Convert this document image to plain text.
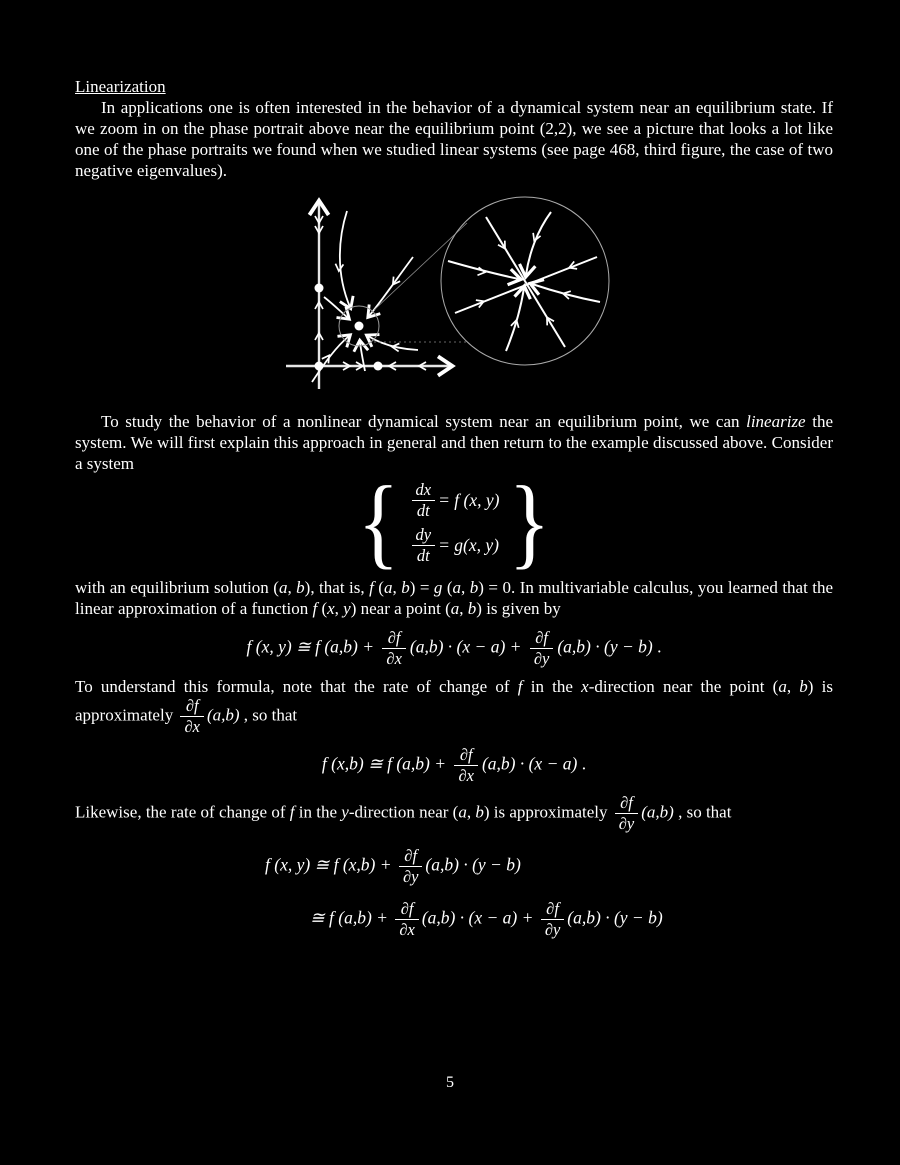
Linearization

In applications one is often interested in the behavior of a dynamical system near an equilibrium state. If we zoom in on the phase portrait above near the equilibrium point (2,2), we see a picture that looks a lot like one of the phase portraits we found when we studied linear systems (see page 468, third figure, the case of two negative eigenvalues).

To study the behavior of a nonlinear dynamical system near an equilibrium point, we can linearize the system. We will first explain this approach in general and then return to the example discussed above. Consider a system

{ $\frac{dx}{dt} = f$ (x, y)
$\frac{dy}{dt} = g(x$, y) }

with an equilibrium solution (a, b), that is, f (a, b) = g (a, b) = 0. In multivariable calculus, you learned that the linear approximation of a function f (x, y) near a point (a, b) is given by

f (x, y) ≅ f $(a,b) + \frac{\partial f}{\partial x} (a,b) \cdot (x - a) + \frac{\partial f}{\partial y} (a,b) \cdot (y - b)$ .

To understand this formula, note that the rate of change of f in the x-direction near the point (a, b) is approximately $\frac{\partial f}{\partial x} (a,b)$ , so that

f (x,b) ≅ f $(a,b) + \frac{\partial f}{\partial x} (a,b) \cdot (x - a)$ .

Likewise, the rate of change of f in the y-direction near (a, b) is approximately $\frac{\partial f}{\partial y} (a,b)$ , so that

f (x, y) ≅ f $(x,b) + \frac{\partial f}{\partial y} (a,b) \cdot (y - b)$
≅ f $(a,b) + \frac{\partial f}{\partial x} (a,b) \cdot (x - a) + \frac{\partial f}{\partial y} (a,b) \cdot (y - b)$
5
